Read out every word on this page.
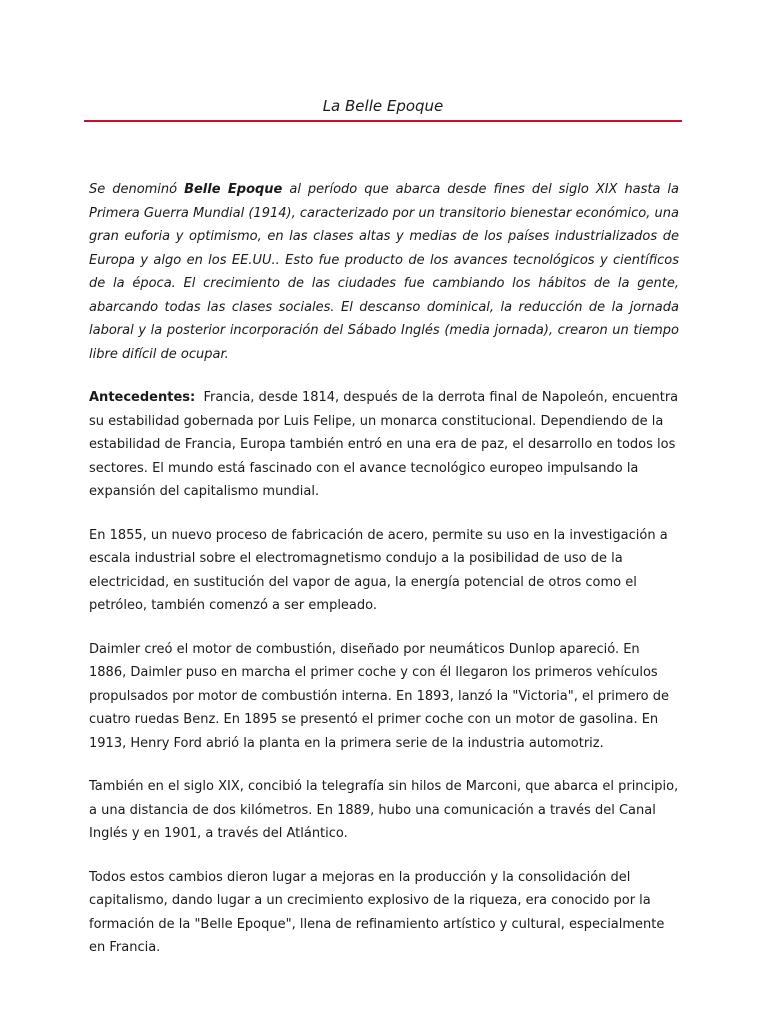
La Belle Epoque

Se denominó Belle Epoque al período que abarca desde fines del siglo XIX hasta la Primera Guerra Mundial (1914), caracterizado por un transitorio bienestar económico, una gran euforia y optimismo, en las clases altas y medias de los países industrializados de Europa y algo en los EE.UU.. Esto fue producto de los avances tecnológicos y científicos de la época. El crecimiento de las ciudades fue cambiando los hábitos de la gente, abarcando todas las clases sociales. El descanso dominical, la reducción de la jornada laboral y la posterior incorporación del Sábado Inglés (media jornada), crearon un tiempo libre difícil de ocupar.

Antecedentes: Francia, desde 1814, después de la derrota final de Napoleón, encuentra su estabilidad gobernada por Luis Felipe, un monarca constitucional. Dependiendo de la estabilidad de Francia, Europa también entró en una era de paz, el desarrollo en todos los sectores. El mundo está fascinado con el avance tecnológico europeo impulsando la expansión del capitalismo mundial.

En 1855, un nuevo proceso de fabricación de acero, permite su uso en la investigación a escala industrial sobre el electromagnetismo condujo a la posibilidad de uso de la electricidad, en sustitución del vapor de agua, la energía potencial de otros como el petróleo, también comenzó a ser empleado.

Daimler creó el motor de combustión, diseñado por neumáticos Dunlop apareció. En 1886, Daimler puso en marcha el primer coche y con él llegaron los primeros vehículos propulsados por motor de combustión interna. En 1893, lanzó la "Victoria", el primero de cuatro ruedas Benz. En 1895 se presentó el primer coche con un motor de gasolina. En 1913, Henry Ford abrió la planta en la primera serie de la industria automotriz.

También en el siglo XIX, concibió la telegrafía sin hilos de Marconi, que abarca el principio, a una distancia de dos kilómetros. En 1889, hubo una comunicación a través del Canal Inglés y en 1901, a través del Atlántico.

Todos estos cambios dieron lugar a mejoras en la producción y la consolidación del capitalismo, dando lugar a un crecimiento explosivo de la riqueza, era conocido por la formación de la "Belle Epoque", llena de refinamiento artístico y cultural, especialmente en Francia.
